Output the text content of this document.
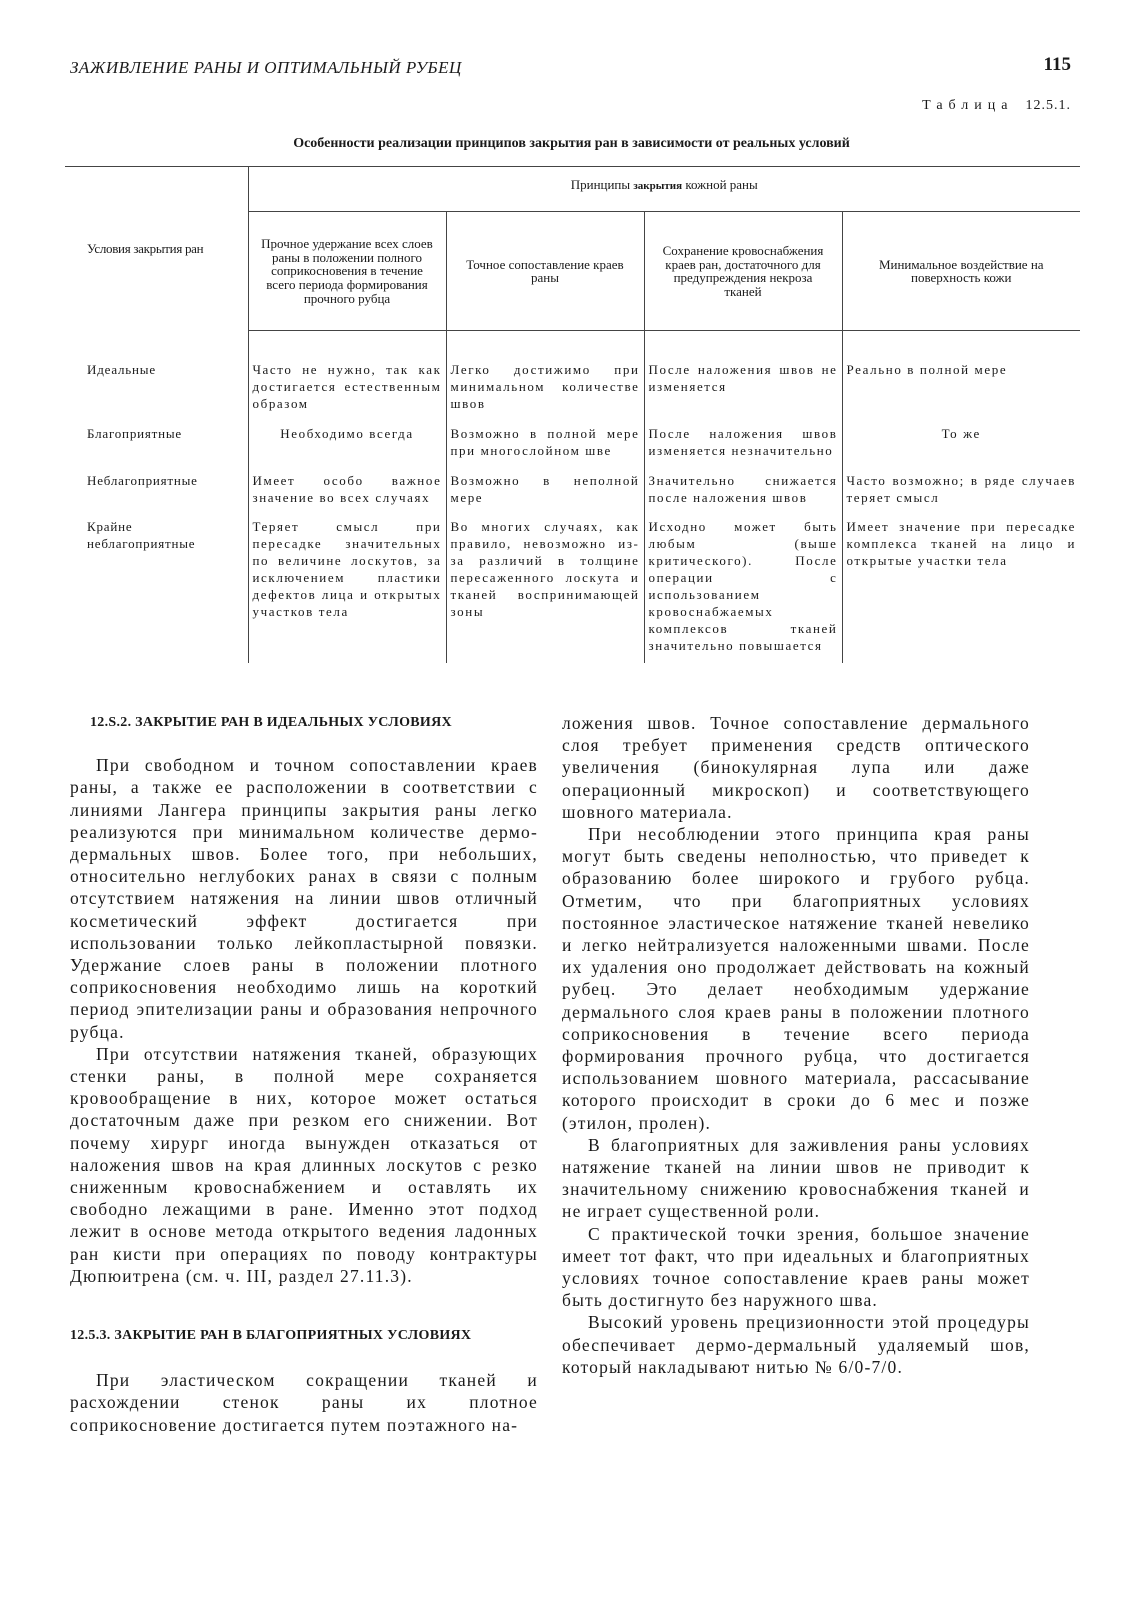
ЗАЖИВЛЕНИЕ РАНЫ И ОПТИМАЛЬНЫЙ РУБЕЦ	115
Таблица 12.5.1.
Особенности реализации принципов закрытия ран в зависимости от реальных условий
Условия закрытия ран	Принципы закрытия кожной раны			
	Прочное удержание всех слоев раны в положении полного соприкосновения в течение всего периода формирования прочного рубца	Точное сопоставление краев раны	Сохранение кровоснабжения краев ран, достаточного для предупреждения некроза тканей	Минимальное воздействие на поверхность кожи

Идеальные	Часто не нужно, так как достигается естественным образом	Легко достижимо при минимальном количестве швов	После наложения швов не изменяется	Реально в полной мере
Благоприятные	Необходимо всегда	Возможно в полной мере при многослойном шве	После наложения швов изменяется незначительно	То же
Неблагоприятные	Имеет особо важное значение во всех случаях	Возможно в неполной мере	Значительно снижается после наложения швов	Часто возможно; в ряде случаев теряет смысл
Крайне неблагоприятные	Теряет смысл при пересадке значительных по величине лоскутов, за исключением пластики дефектов лица и открытых участков тела	Во многих случаях, как правило, невозможно из-за различий в толщине пересаженного лоскута и тканей воспринимающей зоны	Исходно может быть любым (выше критического). После операции с использованием кровоснабжаемых комплексов тканей значительно повышается	Имеет значение при пересадке комплекса тканей на лицо и открытые участки тела
12.S.2. ЗАКРЫТИЕ РАН В ИДЕАЛЬНЫХ УСЛОВИЯХ

При свободном и точном сопоставлении краев раны, а также ее расположении в соответствии с линиями Лангера принципы закрытия раны легко реализуются при минимальном количестве дермо-дермальных швов. Более того, при небольших, относительно неглубоких ранах в связи с полным отсутствием натяжения на линии швов отличный косметический эффект достигается при использовании только лейкопластырной повязки. Удержание слоев раны в положении плотного соприкосновения необходимо лишь на короткий период эпителизации раны и образования непрочного рубца.

При отсутствии натяжения тканей, образующих стенки раны, в полной мере сохраняется кровообращение в них, которое может остаться достаточным даже при резком его снижении. Вот почему хирург иногда вынужден отказаться от наложения швов на края длинных лоскутов с резко сниженным кровоснабжением и оставлять их свободно лежащими в ране. Именно этот подход лежит в основе метода открытого ведения ладонных ран кисти при операциях по поводу контрактуры Дюпюитрена (см. ч. III, раздел 27.11.3).

12.5.3. ЗАКРЫТИЕ РАН В БЛАГОПРИЯТНЫХ УСЛОВИЯХ

При эластическом сокращении тканей и расхождении стенок раны их плотное соприкосновение достигается путем поэтажного на-

ложения швов. Точное сопоставление дермального слоя требует применения средств оптического увеличения (бинокулярная лупа или даже операционный микроскоп) и соответствующего шовного материала.

При несоблюдении этого принципа края раны могут быть сведены неполностью, что приведет к образованию более широкого и грубого рубца. Отметим, что при благоприятных условиях постоянное эластическое натяжение тканей невелико и легко нейтрализуется наложенными швами. После их удаления оно продолжает действовать на кожный рубец. Это делает необходимым удержание дермального слоя краев раны в положении плотного соприкосновения в течение всего периода формирования прочного рубца, что достигается использованием шовного материала, рассасывание которого происходит в сроки до 6 мес и позже (этилон, пролен).

В благоприятных для заживления раны условиях натяжение тканей на линии швов не приводит к значительному снижению кровоснабжения тканей и не играет существенной роли.

С практической точки зрения, большое значение имеет тот факт, что при идеальных и благоприятных условиях точное сопоставление краев раны может быть достигнуто без наружного шва.

Высокий уровень прецизионности этой процедуры обеспечивает дермо-дермальный удаляемый шов, который накладывают нитью № 6/0-7/0.
